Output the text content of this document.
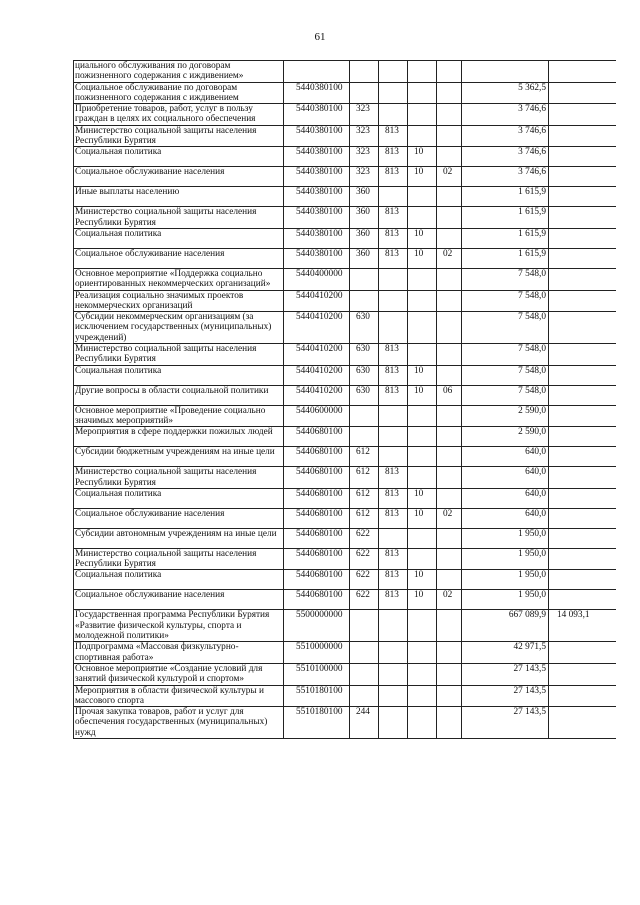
61
циального обслуживания по договорам пожизненного содержания с иждивением»							
Социальное обслуживание по договорам пожизненного содержания с иждивением	5440380100					5 362,5	
Приобретение товаров, работ, услуг в пользу граждан в целях их социального обеспечения	5440380100	323				3 746,6	
Министерство социальной защиты населения Республики Бурятия	5440380100	323	813			3 746,6	
Социальная политика	5440380100	323	813	10		3 746,6	
Социальное обслуживание населения	5440380100	323	813	10	02	3 746,6	
Иные выплаты населению	5440380100	360				1 615,9	
Министерство социальной защиты населения Республики Бурятия	5440380100	360	813			1 615,9	
Социальная политика	5440380100	360	813	10		1 615,9	
Социальное обслуживание населения	5440380100	360	813	10	02	1 615,9	
Основное мероприятие «Поддержка социально ориентированных некоммерческих организаций»	5440400000					7 548,0	
Реализация социально значимых проектов некоммерческих организаций	5440410200					7 548,0	
Субсидии некоммерческим организациям (за исключением государственных (муниципальных) учреждений)	5440410200	630				7 548,0	
Министерство социальной защиты населения Республики Бурятия	5440410200	630	813			7 548,0	
Социальная политика	5440410200	630	813	10		7 548,0	
Другие вопросы в области социальной политики	5440410200	630	813	10	06	7 548,0	
Основное мероприятие «Проведение социально значимых мероприятий»	5440600000					2 590,0	
Мероприятия в сфере поддержки пожилых людей	5440680100					2 590,0	
Субсидии бюджетным учреждениям на иные цели	5440680100	612				640,0	
Министерство социальной защиты населения Республики Бурятия	5440680100	612	813			640,0	
Социальная политика	5440680100	612	813	10		640,0	
Социальное обслуживание населения	5440680100	612	813	10	02	640,0	
Субсидии автономным учреждениям на иные цели	5440680100	622				1 950,0	
Министерство социальной защиты населения Республики Бурятия	5440680100	622	813			1 950,0	
Социальная политика	5440680100	622	813	10		1 950,0	
Социальное обслуживание населения	5440680100	622	813	10	02	1 950,0	
Государственная программа Республики Бурятия «Развитие физической культуры, спорта и молодежной политики»	5500000000					667 089,9	14 093,1
Подпрограмма «Массовая физкультурно-спортивная работа»	5510000000					42 971,5	
Основное мероприятие «Создание условий для занятий физической культурой и спортом»	5510100000					27 143,5	
Мероприятия в области физической культуры и массового спорта	5510180100					27 143,5	
Прочая закупка товаров, работ и услуг для обеспечения государственных (муниципальных) нужд	5510180100	244				27 143,5	
